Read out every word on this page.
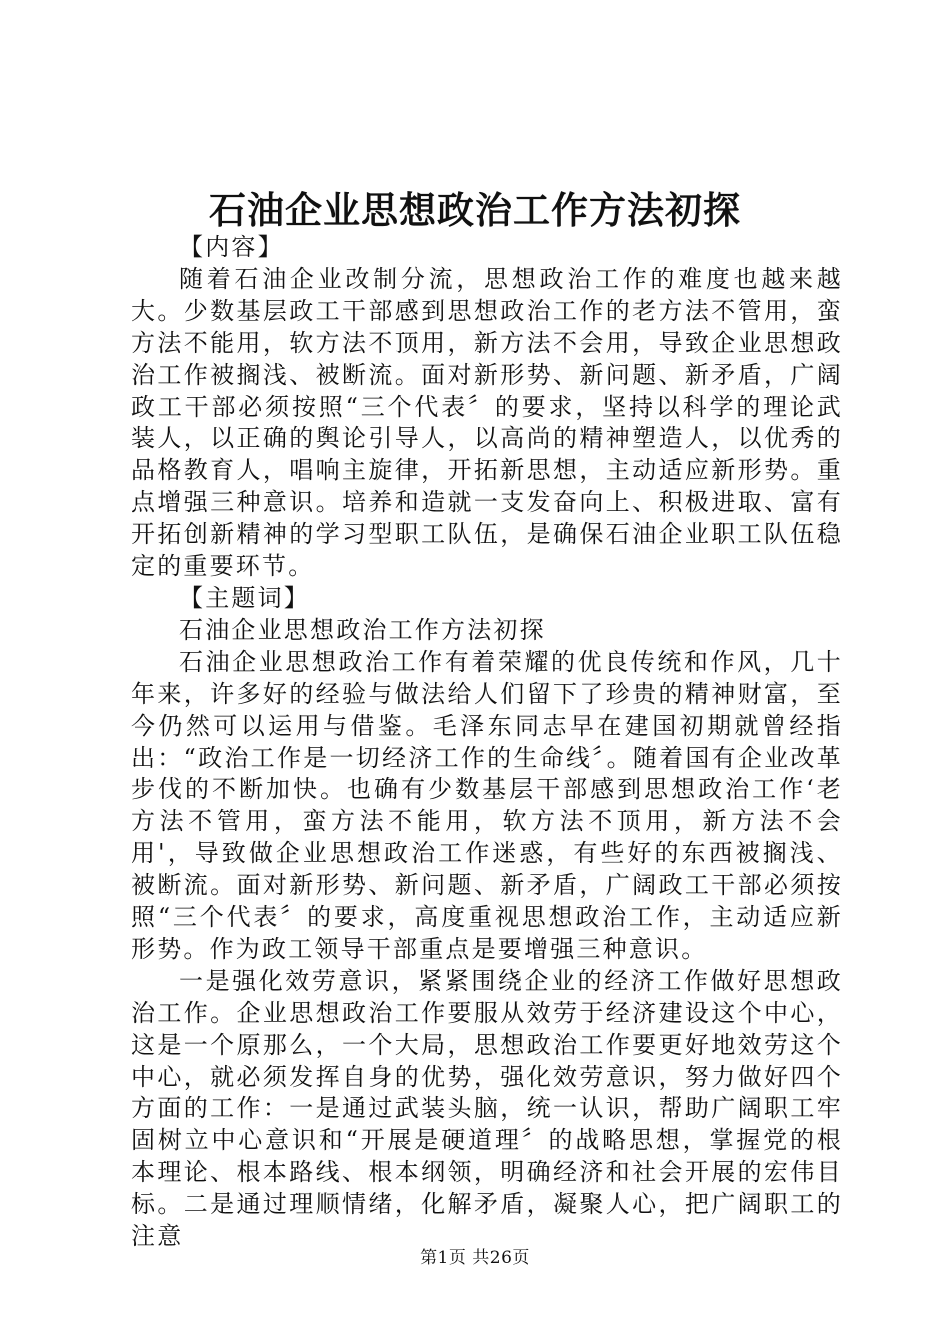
石油企业思想政治工作方法初探

【内容】

随着石油企业改制分流，思想政治工作的难度也越来越大。少数基层政工干部感到思想政治工作的老方法不管用，蛮方法不能用，软方法不顶用，新方法不会用，导致企业思想政治工作被搁浅、被断流。面对新形势、新问题、新矛盾，广阔政工干部必须按照“三个代表〞的要求，坚持以科学的理论武装人，以正确的舆论引导人，以高尚的精神塑造人，以优秀的品格教育人，唱响主旋律，开拓新思想，主动适应新形势。重点增强三种意识。培养和造就一支发奋向上、积极进取、富有开拓创新精神的学习型职工队伍，是确保石油企业职工队伍稳定的重要环节。

【主题词】

石油企业思想政治工作方法初探

石油企业思想政治工作有着荣耀的优良传统和作风，几十年来，许多好的经验与做法给人们留下了珍贵的精神财富，至今仍然可以运用与借鉴。毛泽东同志早在建国初期就曾经指出：“政治工作是一切经济工作的生命线〞。随着国有企业改革步伐的不断加快。也确有少数基层干部感到思想政治工作‘老方法不管用，蛮方法不能用，软方法不顶用，新方法不会用'，导致做企业思想政治工作迷惑，有些好的东西被搁浅、被断流。面对新形势、新问题、新矛盾，广阔政工干部必须按照“三个代表〞的要求，高度重视思想政治工作，主动适应新形势。作为政工领导干部重点是要增强三种意识。

一是强化效劳意识，紧紧围绕企业的经济工作做好思想政治工作。企业思想政治工作要服从效劳于经济建设这个中心，这是一个原那么，一个大局，思想政治工作要更好地效劳这个中心，就必须发挥自身的优势，强化效劳意识，努力做好四个方面的工作：一是通过武装头脑，统一认识，帮助广阔职工牢固树立中心意识和“开展是硬道理〞的战略思想，掌握党的根本理论、根本路线、根本纲领，明确经济和社会开展的宏伟目标。二是通过理顺情绪，化解矛盾，凝聚人心，把广阔职工的注意

第1页 共26页
